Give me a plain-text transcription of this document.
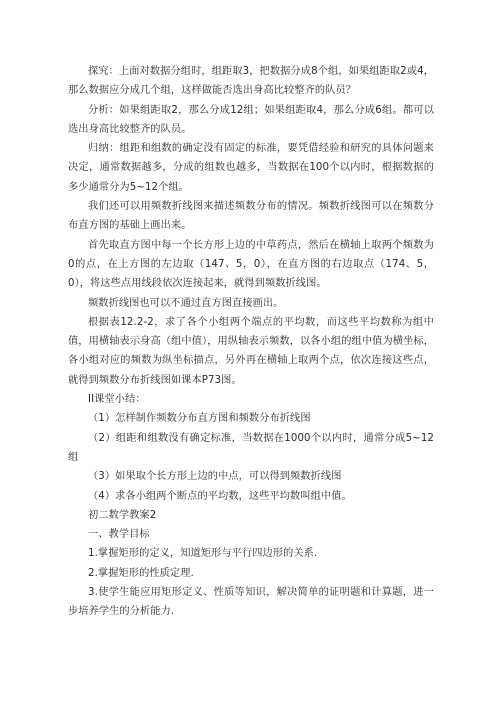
探究：上面对数据分组时，组距取3，把数据分成8个组，如果组距取2或4，那么数据应分成几个组，这样做能否选出身高比较整齐的队员？

分析：如果组距取2，那么分成12组；如果组距取4，那么分成6组。都可以选出身高比较整齐的队员。

归纳：组距和组数的确定没有固定的标准，要凭借经验和研究的具体问题来决定，通常数据越多，分成的组数也越多，当数据在100个以内时，根据数据的多少通常分为5~12个组。

我们还可以用频数折线图来描述频数分布的情况。频数折线图可以在频数分布直方图的基础上画出来。

首先取直方图中每一个长方形上边的中草药点，然后在横轴上取两个频数为0的点，在上方图的左边取（147、5，0），在直方图的右边取点（174、5，0），将这些点用线段依次连接起来，就得到频数折线图。

频数折线图也可以不通过直方图直接画出。

根据表12.2-2，求了各个小组两个端点的平均数，而这些平均数称为组中值，用横轴表示身高（组中值），用纵轴表示频数，以各小组的组中值为横坐标，各小组对应的频数为纵坐标描点，另外再在横轴上取两个点，依次连接这些点，就得到频数分布折线图如课本P73图。

II课堂小结：

（1）怎样制作频数分布直方图和频数分布折线图

（2）组距和组数没有确定标准，当数据在1000个以内时，通常分成5~12组

（3）如果取个长方形上边的中点，可以得到频数折线图

（4）求各小组两个断点的平均数，这些平均数叫组中值。

初二数学教案2

一、教学目标

1.掌握矩形的定义，知道矩形与平行四边形的关系.

2.掌握矩形的性质定理.

3.使学生能应用矩形定义、性质等知识，解决简单的证明题和计算题，进一步培养学生的分析能力.
